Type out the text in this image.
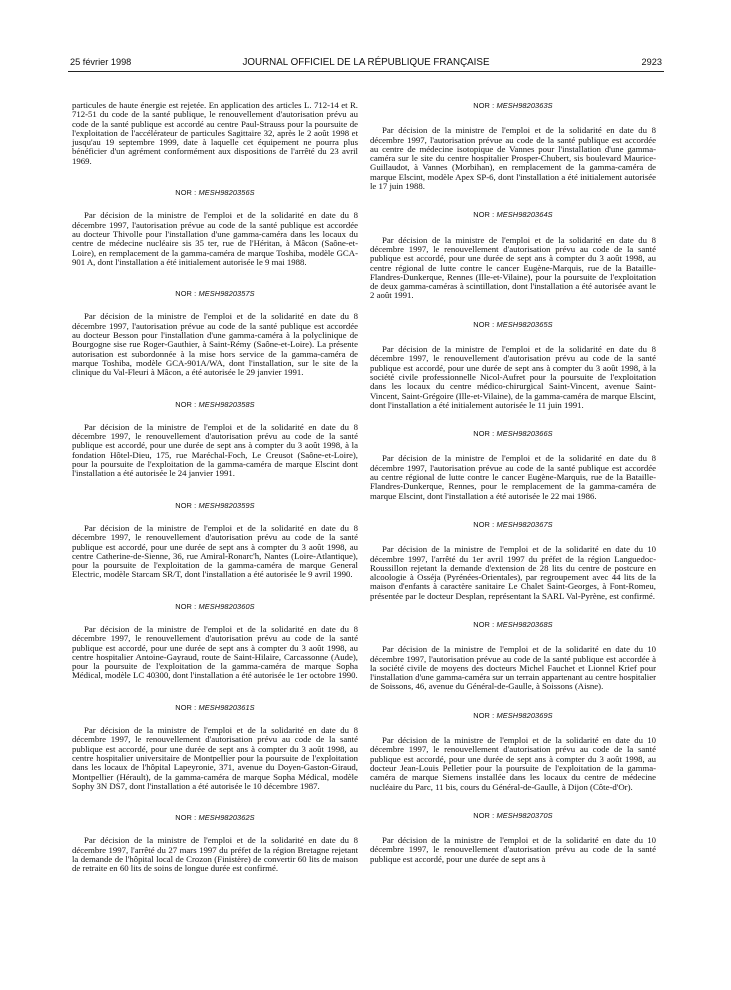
25 février 1998	JOURNAL OFFICIEL DE LA RÉPUBLIQUE FRANÇAISE	2923

particules de haute énergie est rejetée. En application des articles L. 712-14 et R. 712-51 du code de la santé publique, le renouvellement d'autorisation prévu au code de la santé publique est accordé au centre Paul-Strauss pour la poursuite de l'exploitation de l'accélérateur de particules Sagittaire 32, après le 2 août 1998 et jusqu'au 19 septembre 1999, date à laquelle cet équipement ne pourra plus bénéficier d'un agrément conformément aux dispositions de l'arrêté du 23 avril 1969.

NOR : MESH9820356S

Par décision de la ministre de l'emploi et de la solidarité en date du 8 décembre 1997, l'autorisation prévue au code de la santé publique est accordée au docteur Thivolle pour l'installation d'une gamma-caméra dans les locaux du centre de médecine nucléaire sis 35 ter, rue de l'Héritan, à Mâcon (Saône-et-Loire), en remplacement de la gamma-caméra de marque Toshiba, modèle GCA-901 A, dont l'installation a été initialement autorisée le 9 mai 1988.

NOR : MESH9820357S

Par décision de la ministre de l'emploi et de la solidarité en date du 8 décembre 1997, l'autorisation prévue au code de la santé publique est accordée au docteur Besson pour l'installation d'une gamma-caméra à la polyclinique de Bourgogne sise rue Roger-Gauthier, à Saint-Rémy (Saône-et-Loire). La présente autorisation est subordonnée à la mise hors service de la gamma-caméra de marque Toshiba, modèle GCA-901A/WA, dont l'installation, sur le site de la clinique du Val-Fleuri à Mâcon, a été autorisée le 29 janvier 1991.

NOR : MESH9820358S

Par décision de la ministre de l'emploi et de la solidarité en date du 8 décembre 1997, le renouvellement d'autorisation prévu au code de la santé publique est accordé, pour une durée de sept ans à compter du 3 août 1998, à la fondation Hôtel-Dieu, 175, rue Maréchal-Foch, Le Creusot (Saône-et-Loire), pour la poursuite de l'exploitation de la gamma-caméra de marque Elscint dont l'installation a été autorisée le 24 janvier 1991.

NOR : MESH9820359S

Par décision de la ministre de l'emploi et de la solidarité en date du 8 décembre 1997, le renouvellement d'autorisation prévu au code de la santé publique est accordé, pour une durée de sept ans à compter du 3 août 1998, au centre Catherine-de-Sienne, 36, rue Amiral-Ronarc'h, Nantes (Loire-Atlantique), pour la poursuite de l'exploitation de la gamma-caméra de marque General Electric, modèle Starcam SR/T, dont l'installation a été autorisée le 9 avril 1990.

NOR : MESH9820360S

Par décision de la ministre de l'emploi et de la solidarité en date du 8 décembre 1997, le renouvellement d'autorisation prévu au code de la santé publique est accordé, pour une durée de sept ans à compter du 3 août 1998, au centre hospitalier Antoine-Gayraud, route de Saint-Hilaire, Carcassonne (Aude), pour la poursuite de l'exploitation de la gamma-caméra de marque Sopha Médical, modèle LC 40300, dont l'installation a été autorisée le 1er octobre 1990.

NOR : MESH9820361S

Par décision de la ministre de l'emploi et de la solidarité en date du 8 décembre 1997, le renouvellement d'autorisation prévu au code de la santé publique est accordé, pour une durée de sept ans à compter du 3 août 1998, au centre hospitalier universitaire de Montpellier pour la poursuite de l'exploitation dans les locaux de l'hôpital Lapeyronie, 371, avenue du Doyen-Gaston-Giraud, Montpellier (Hérault), de la gamma-caméra de marque Sopha Médical, modèle Sophy 3N DS7, dont l'installation a été autorisée le 10 décembre 1987.

NOR : MESH9820362S

Par décision de la ministre de l'emploi et de la solidarité en date du 8 décembre 1997, l'arrêté du 27 mars 1997 du préfet de la région Bretagne rejetant la demande de l'hôpital local de Crozon (Finistère) de convertir 60 lits de maison de retraite en 60 lits de soins de longue durée est confirmé.

NOR : MESH9820363S

Par décision de la ministre de l'emploi et de la solidarité en date du 8 décembre 1997, l'autorisation prévue au code de la santé publique est accordée au centre de médecine isotopique de Vannes pour l'installation d'une gamma-caméra sur le site du centre hospitalier Prosper-Chubert, sis boulevard Maurice-Guillaudot, à Vannes (Morbihan), en remplacement de la gamma-caméra de marque Elscint, modèle Apex SP-6, dont l'installation a été initialement autorisée le 17 juin 1988.

NOR : MESH9820364S

Par décision de la ministre de l'emploi et de la solidarité en date du 8 décembre 1997, le renouvellement d'autorisation prévu au code de la santé publique est accordé, pour une durée de sept ans à compter du 3 août 1998, au centre régional de lutte contre le cancer Eugène-Marquis, rue de la Bataille-Flandres-Dunkerque, Rennes (Ille-et-Vilaine), pour la poursuite de l'exploitation de deux gamma-caméras à scintillation, dont l'installation a été autorisée avant le 2 août 1991.

NOR : MESH9820365S

Par décision de la ministre de l'emploi et de la solidarité en date du 8 décembre 1997, le renouvellement d'autorisation prévu au code de la santé publique est accordé, pour une durée de sept ans à compter du 3 août 1998, à la société civile professionnelle Nicol-Aufret pour la poursuite de l'exploitation dans les locaux du centre médico-chirurgical Saint-Vincent, avenue Saint-Vincent, Saint-Grégoire (Ille-et-Vilaine), de la gamma-caméra de marque Elscint, dont l'installation a été initialement autorisée le 11 juin 1991.

NOR : MESH9820366S

Par décision de la ministre de l'emploi et de la solidarité en date du 8 décembre 1997, l'autorisation prévue au code de la santé publique est accordée au centre régional de lutte contre le cancer Eugène-Marquis, rue de la Bataille-Flandres-Dunkerque, Rennes, pour le remplacement de la gamma-caméra de marque Elscint, dont l'installation a été autorisée le 22 mai 1986.

NOR : MESH9820367S

Par décision de la ministre de l'emploi et de la solidarité en date du 10 décembre 1997, l'arrêté du 1er avril 1997 du préfet de la région Languedoc-Roussillon rejetant la demande d'extension de 28 lits du centre de postcure en alcoologie à Osséja (Pyrénées-Orientales), par regroupement avec 44 lits de la maison d'enfants à caractère sanitaire Le Chalet Saint-Georges, à Font-Romeu, présentée par le docteur Desplan, représentant la SARL Val-Pyrène, est confirmé.

NOR : MESH9820368S

Par décision de la ministre de l'emploi et de la solidarité en date du 10 décembre 1997, l'autorisation prévue au code de la santé publique est accordée à la société civile de moyens des docteurs Michel Fauchet et Lionnel Krief pour l'installation d'une gamma-caméra sur un terrain appartenant au centre hospitalier de Soissons, 46, avenue du Général-de-Gaulle, à Soissons (Aisne).

NOR : MESH9820369S

Par décision de la ministre de l'emploi et de la solidarité en date du 10 décembre 1997, le renouvellement d'autorisation prévu au code de la santé publique est accordé, pour une durée de sept ans à compter du 3 août 1998, au docteur Jean-Louis Pelletier pour la poursuite de l'exploitation de la gamma-caméra de marque Siemens installée dans les locaux du centre de médecine nucléaire du Parc, 11 bis, cours du Général-de-Gaulle, à Dijon (Côte-d'Or).

NOR : MESH9820370S

Par décision de la ministre de l'emploi et de la solidarité en date du 10 décembre 1997, le renouvellement d'autorisation prévu au code de la santé publique est accordé, pour une durée de sept ans à
